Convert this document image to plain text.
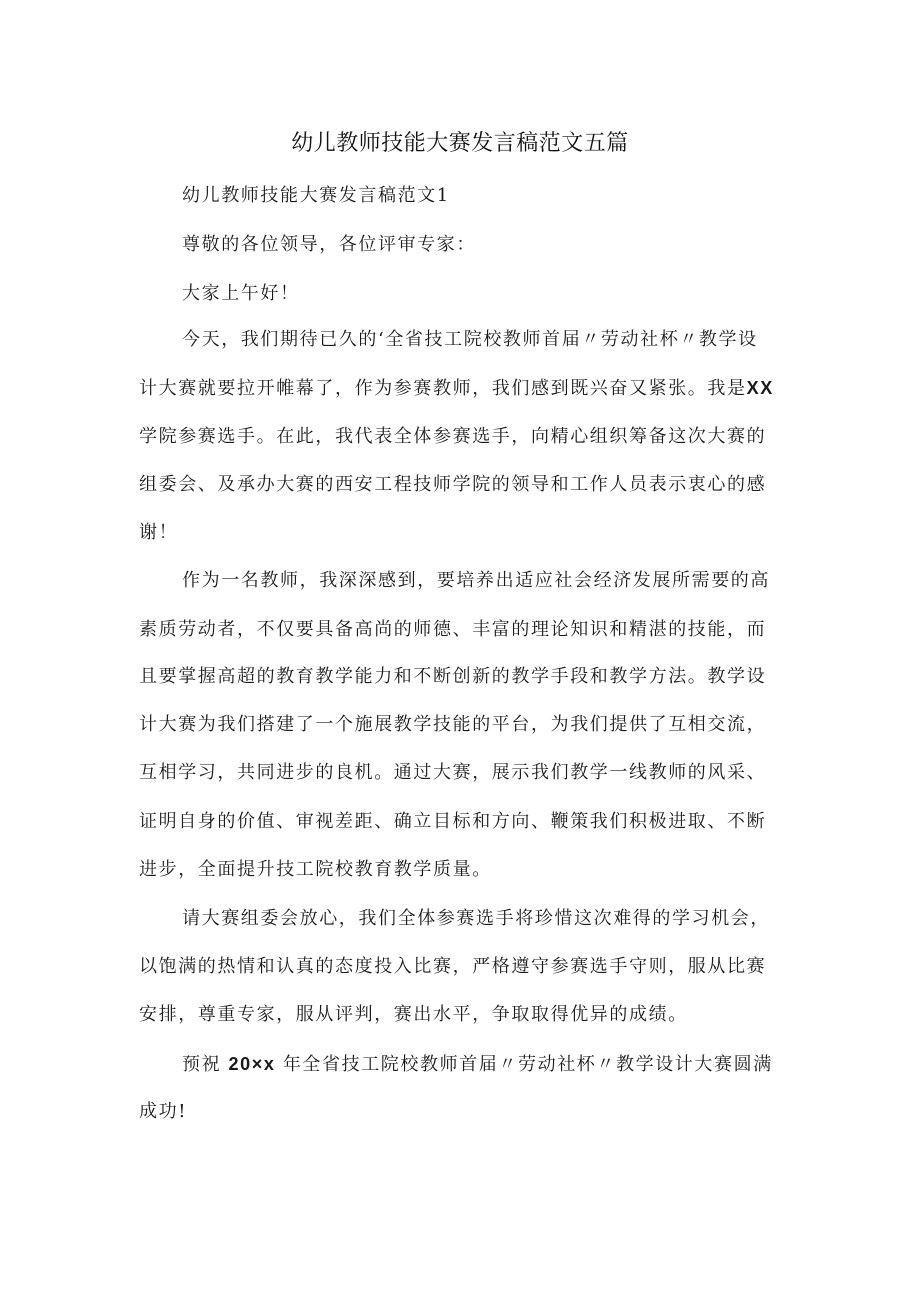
幼儿教师技能大赛发言稿范文五篇
幼儿教师技能大赛发言稿范文1
尊敬的各位领导，各位评审专家：
大家上午好！
今天，我们期待已久的‘全省技工院校教师首届〃劳动社杯〃教学设
计大赛就要拉开帷幕了，作为参赛教师，我们感到既兴奋又紧张。我是XX
学院参赛选手。在此，我代表全体参赛选手，向精心组织筹备这次大赛的
组委会、及承办大赛的西安工程技师学院的领导和工作人员表示衷心的感
谢！
作为一名教师，我深深感到，要培养出适应社会经济发展所需要的高
素质劳动者，不仅要具备高尚的师德、丰富的理论知识和精湛的技能，而
且要掌握高超的教育教学能力和不断创新的教学手段和教学方法。教学设
计大赛为我们搭建了一个施展教学技能的平台，为我们提供了互相交流，
互相学习，共同进步的良机。通过大赛，展示我们教学一线教师的风采、
证明自身的价值、审视差距、确立目标和方向、鞭策我们积极进取、不断
进步，全面提升技工院校教育教学质量。
请大赛组委会放心，我们全体参赛选手将珍惜这次难得的学习机会，
以饱满的热情和认真的态度投入比赛，严格遵守参赛选手守则，服从比赛
安排，尊重专家，服从评判，赛出水平，争取取得优异的成绩。
预祝 20×x 年全省技工院校教师首届〃劳动社杯〃教学设计大赛圆满
成功!
